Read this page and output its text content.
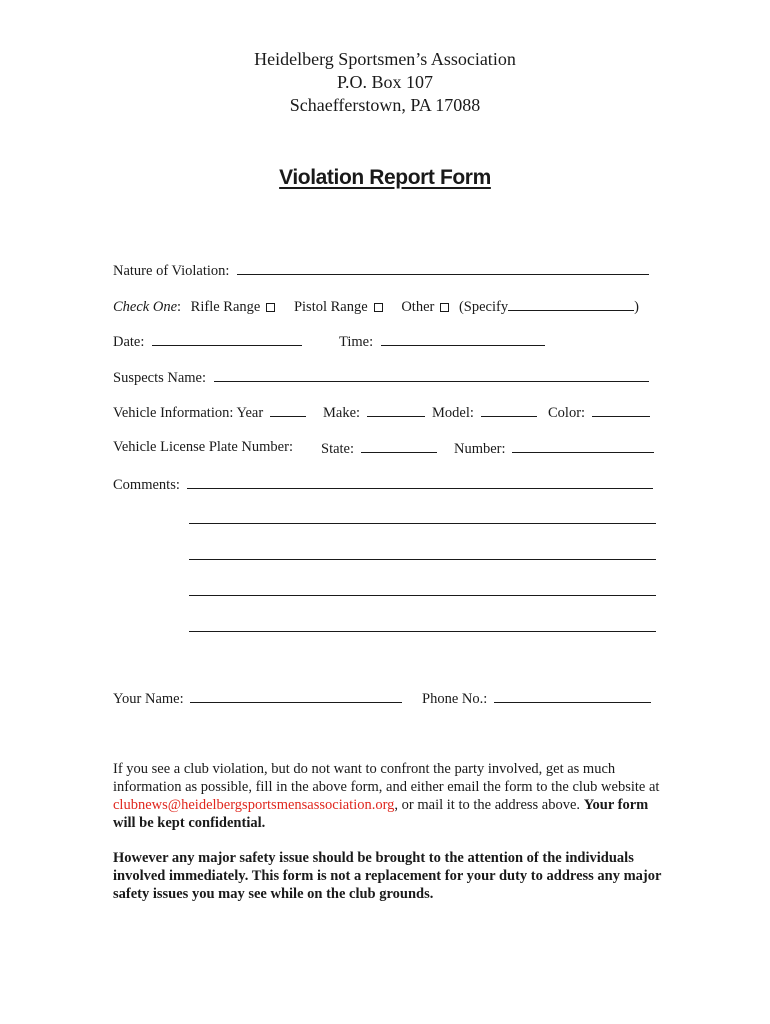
Heidelberg Sportsmen’s Association
P.O. Box 107
Schaefferstown, PA 17088
Violation Report Form
Nature of Violation:
Check One: Rifle Range Pistol Range Other (Specify	)
Date:	Time:
Suspects Name:
Vehicle Information: Year	Make:	Model:	Color:
Vehicle License Plate Number: State:	Number:
Comments:
Your Name:	Phone No.:
If you see a club violation, but do not want to confront the party involved, get as much information as possible, fill in the above form, and either email the form to the club website at clubnews@heidelbergsportsmensassociation.org, or mail it to the address above. Your form will be kept confidential.
However any major safety issue should be brought to the attention of the individuals involved immediately. This form is not a replacement for your duty to address any major safety issues you may see while on the club grounds.
